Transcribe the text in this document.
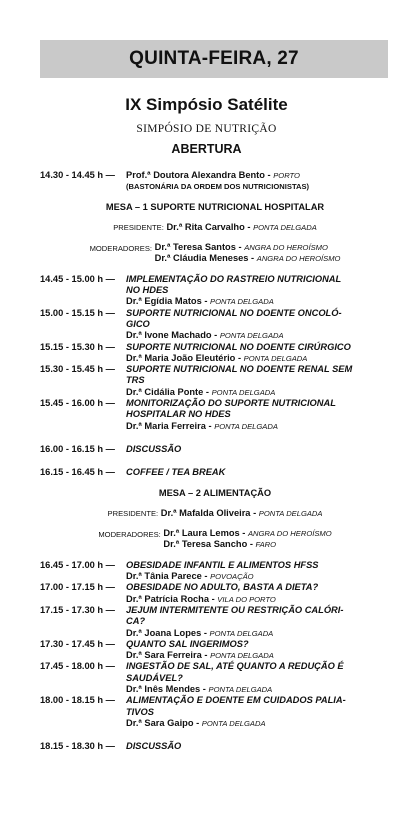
QUINTA-FEIRA, 27
IX Simpósio Satélite
SIMPÓSIO DE NUTRIÇÃO
ABERTURA
14.30 - 14.45 h —	Prof.ª Doutora Alexandra Bento - PORTO
(BASTONÁRIA DA ORDEM DOS NUTRICIONISTAS)
MESA – 1 SUPORTE NUTRICIONAL HOSPITALAR
PRESIDENTE: Dr.ª Rita Carvalho - PONTA DELGADA
MODERADORES:
Dr.ª Teresa Santos - ANGRA DO HEROÍSMO
Dr.ª Cláudia Meneses - ANGRA DO HEROÍSMO
14.45 - 15.00 h —	IMPLEMENTAÇÃO DO RASTREIO NUTRICIONAL
NO HDES
Dr.ª Egídia Matos - PONTA DELGADA
15.00 - 15.15 h —	SUPORTE NUTRICIONAL NO DOENTE ONCOLÓ-
GICO
Dr.ª Ivone Machado - PONTA DELGADA
15.15 - 15.30 h —	SUPORTE NUTRICIONAL NO DOENTE CIRÚRGICO
Dr.ª Maria João Eleutério - PONTA DELGADA
15.30 - 15.45 h —	SUPORTE NUTRICIONAL NO DOENTE RENAL SEM
TRS
Dr.ª Cidália Ponte - PONTA DELGADA
15.45 - 16.00 h —	MONITORIZAÇÃO DO SUPORTE NUTRICIONAL
HOSPITALAR NO HDES
Dr.ª Maria Ferreira - PONTA DELGADA
16.00 - 16.15 h —	DISCUSSÃO
16.15 - 16.45 h —	COFFEE / TEA BREAK
MESA – 2 ALIMENTAÇÃO
PRESIDENTE: Dr.ª Mafalda Oliveira - PONTA DELGADA
MODERADORES:
Dr.ª Laura Lemos - ANGRA DO HEROÍSMO
Dr.ª Teresa Sancho - FARO
16.45 - 17.00 h —	OBESIDADE INFANTIL E ALIMENTOS HFSS
Dr.ª Tânia Parece - POVOAÇÃO
17.00 - 17.15 h —	OBESIDADE NO ADULTO, BASTA A DIETA?
Dr.ª Patrícia Rocha - VILA DO PORTO
17.15 - 17.30 h —	JEJUM INTERMITENTE OU RESTRIÇÃO CALÓRI-
CA?
Dr.ª Joana Lopes - PONTA DELGADA
17.30 - 17.45 h —	QUANTO SAL INGERIMOS?
Dr.ª Sara Ferreira - PONTA DELGADA
17.45 - 18.00 h —	INGESTÃO DE SAL, ATÉ QUANTO A REDUÇÃO É
SAUDÁVEL?
Dr.ª Inês Mendes - PONTA DELGADA
18.00 - 18.15 h —	ALIMENTAÇÃO E DOENTE EM CUIDADOS PALIA-
TIVOS
Dr.ª Sara Gaipo - PONTA DELGADA
18.15 - 18.30 h —	DISCUSSÃO
